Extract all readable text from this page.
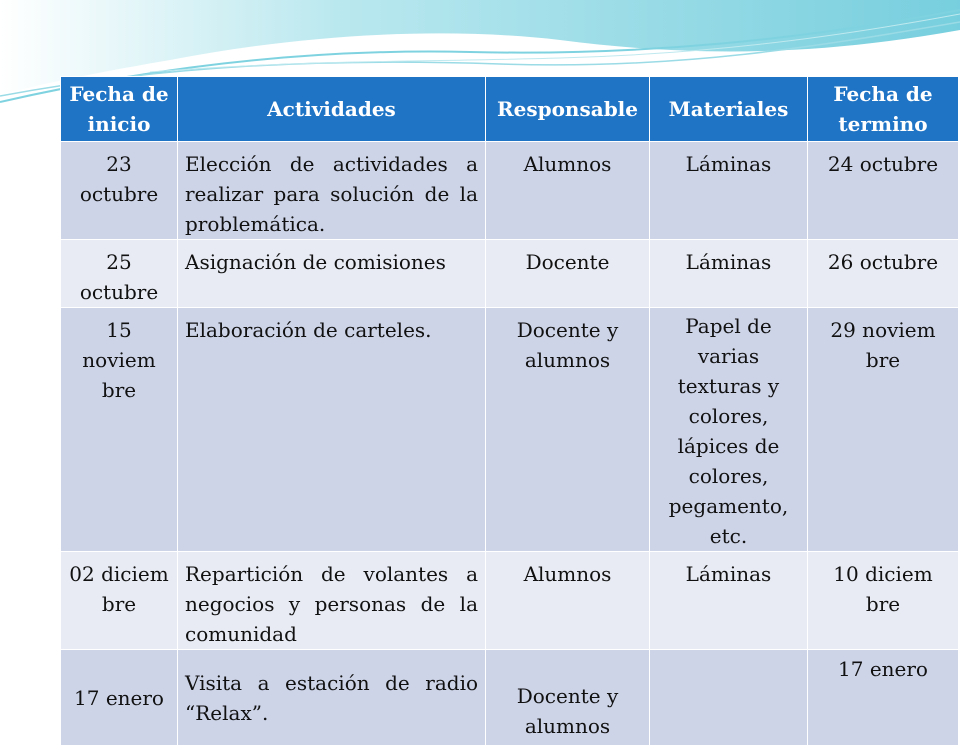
Fecha de inicio	Actividades	Responsable	Materiales	Fecha de termino
23 octubre	Elección de actividades a realizar para solución de la problemática.	Alumnos	Láminas	24 octubre
25 octubre	Asignación de comisiones	Docente	Láminas	26 octubre
15 noviem bre	Elaboración de carteles.	Docente y alumnos	Papel de varias texturas y colores, lápices de colores, pegamento, etc.	29 noviem bre
02 diciem bre	Repartición de volantes a negocios y personas de la comunidad	Alumnos	Láminas	10 diciem bre
17 enero	Visita a estación de radio “Relax”.	Docente y alumnos		17 enero
